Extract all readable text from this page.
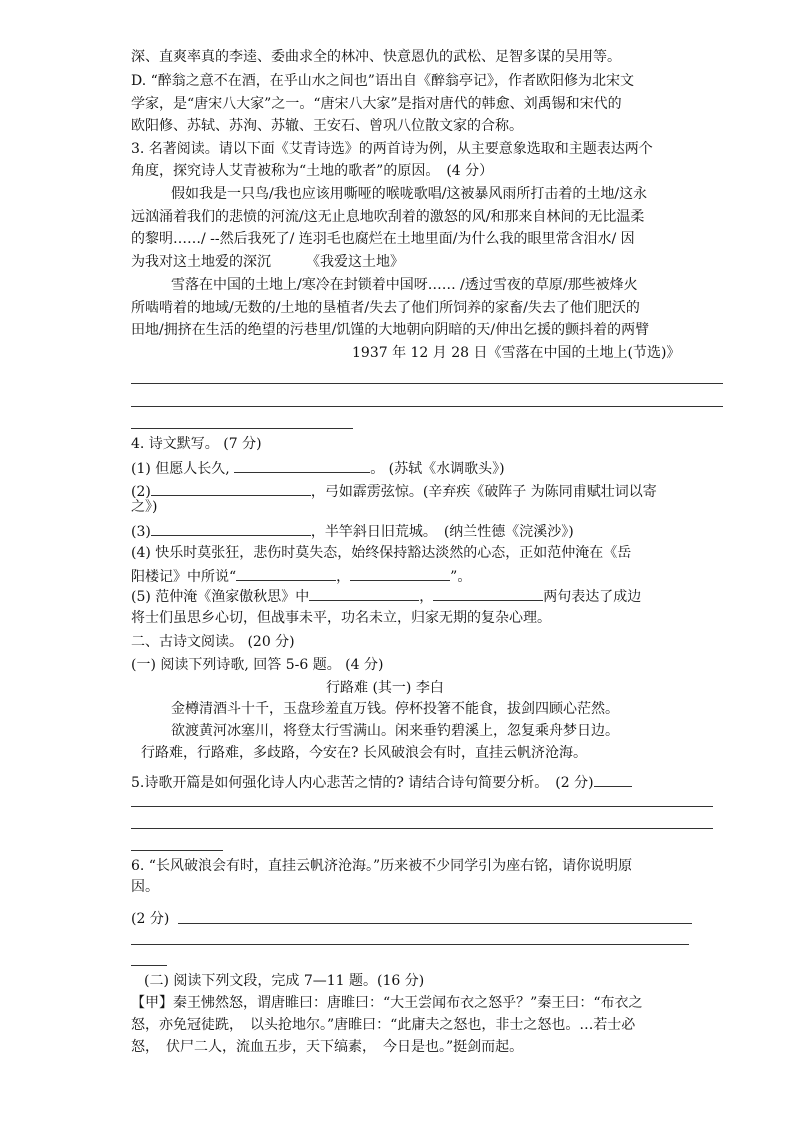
深、直爽率真的李逵、委曲求全的林冲、快意恩仇的武松、足智多谋的吴用等。
D. “醉翁之意不在酒，在乎山水之间也”语出自《醉翁亭记》，作者欧阳修为北宋文
学家，是“唐宋八大家”之一。“唐宋八大家”是指对唐代的韩愈、刘禹锡和宋代的
欧阳修、苏轼、苏洵、苏辙、王安石、曾巩八位散文家的合称。
3. 名著阅读。请以下面《艾青诗选》的两首诗为例，从主要意象选取和主题表达两个
角度，探究诗人艾青被称为“土地的歌者”的原因。　(4 分）
假如我是一只鸟/我也应该用嘶哑的喉咙歌唱/这被暴风雨所打击着的土地/这永
远汹涌着我们的悲愤的河流/这无止息地吹刮着的激怒的风/和那来自林间的无比温柔
的黎明……/ --然后我死了/ 连羽毛也腐烂在土地里面/为什么我的眼里常含泪水/ 因
为我对这土地爱的深沉　　　《我爱这土地》
雪落在中国的土地上/寒冷在封锁着中国呀…… /透过雪夜的草原/那些被烽火
所啮啃着的地域/无数的/土地的垦植者/失去了他们所饲养的家畜/失去了他们肥沃的
田地/拥挤在生活的绝望的污巷里/饥馑的大地朝向阴暗的天/伸出乞援的颤抖着的两臂
1937 年 12 月 28 日《雪落在中国的土地上(节选)》
4. 诗文默写。 (7 分)
(1) 但愿人长久,	。 (苏轼《水调歌头》)
(2)	，弓如霹雳弦惊。(辛弃疾《破阵子 为陈同甫赋壮词以寄
之》)
(3)	，半竿斜日旧荒城。　(纳兰性德《浣溪沙》)
(4) 快乐时莫张狂，悲伤时莫失态，始终保持豁达淡然的心态，正如范仲淹在《岳
阳楼记》中所说“	，	”。
(5) 范仲淹《渔家傲秋思》中	，	两句表达了成边
将士们虽思乡心切，但战事未平，功名未立，归家无期的复杂心理。
二、古诗文阅读。 (20 分)
(一) 阅读下列诗歌, 回答 5-6 题。 (4 分)
行路难 (其一) 李白
金樽清酒斗十千，玉盘珍羞直万钱。停杯投箸不能食，拔剑四顾心茫然。
欲渡黄河冰塞川，将登太行雪满山。闲来垂钓碧溪上，忽复乘舟梦日边。
行路难，行路难，多歧路，今安在? 长风破浪会有时，直挂云帆济沧海。
5.诗歌开篇是如何强化诗人内心悲苦之情的? 请结合诗句简要分析。　(2 分)
6. “长风破浪会有时，直挂云帆济沧海。”历来被不少同学引为座右铭，请你说明原
因。
(2 分)
(二) 阅读下列文段，完成 7—11 题。(16 分)
【甲】秦王怫然怒，谓唐睢曰：唐睢曰：“大王尝闻布衣之怒乎？”秦王曰：“布衣之
怒，亦免冠徒跣，　以头抢地尔。”唐睢曰：“此庸夫之怒也，非士之怒也。…若士必
怒，　伏尸二人，流血五步，天下缟素，　今日是也。”挺剑而起。
